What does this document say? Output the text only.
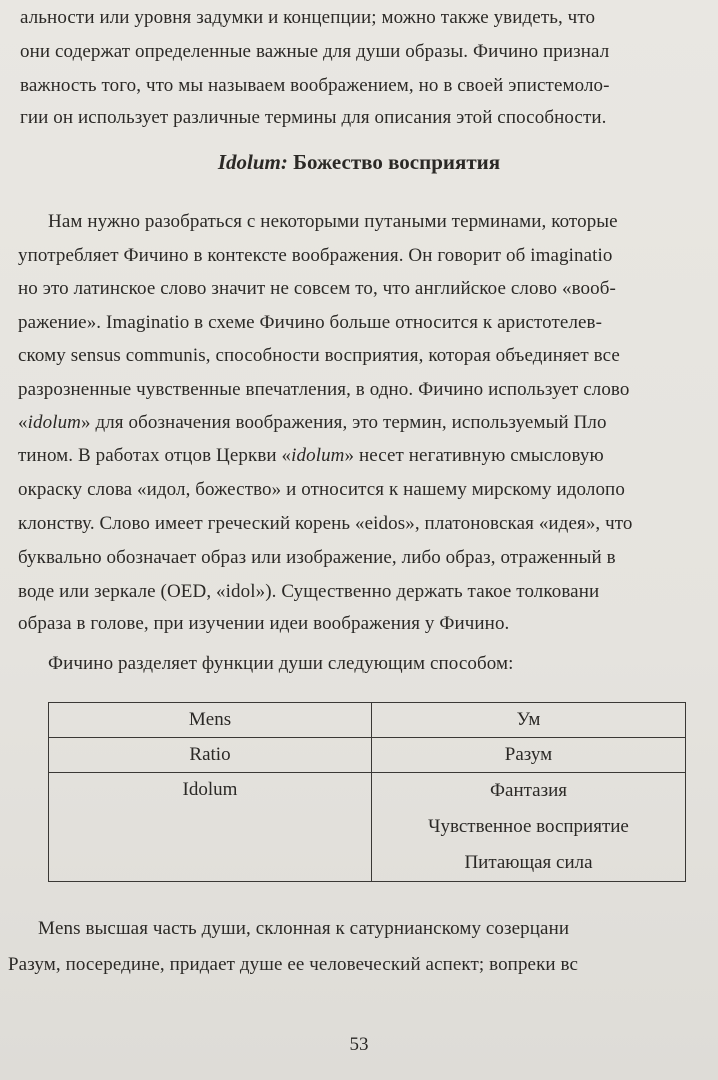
альности или уровня задумки и концепции; можно также увидеть, что
они содержат определенные важные для души образы. Фичино признал
важность того, что мы называем воображением, но в своей эпистемоло-
гии он использует различные термины для описания этой способности.
Idolum: Божество восприятия
Нам нужно разобраться с некоторыми путаными терминами, которые
употребляет Фичино в контексте воображения. Он говорит об imaginatio
но это латинское слово значит не совсем то, что английское слово «вооб-
ражение». Imaginatio в схеме Фичино больше относится к аристотелев-
скому sensus communis, способности восприятия, которая объединяет все
разрозненные чувственные впечатления, в одно. Фичино использует слово
«idolum» для обозначения воображения, это термин, используемый Пло
тином. В работах отцов Церкви «idolum» несет негативную смысловую
окраску слова «идол, божество» и относится к нашему мирскому идолопо
клонству. Слово имеет греческий корень «eidos», платоновская «идея», что
буквально обозначает образ или изображение, либо образ, отраженный в
воде или зеркале (OED, «idol»). Существенно держать такое толковани
образа в голове, при изучении идеи воображения у Фичино.
Фичино разделяет функции души следующим способом:
Mens	Ум
Ratio	Разум
Idolum	Фантазия
Чувственное восприятие
Питающая сила
Mens высшая часть души, склонная к сатурнианскому созерцани
Разум, посередине, придает душе ее человеческий аспект; вопреки вс
53
